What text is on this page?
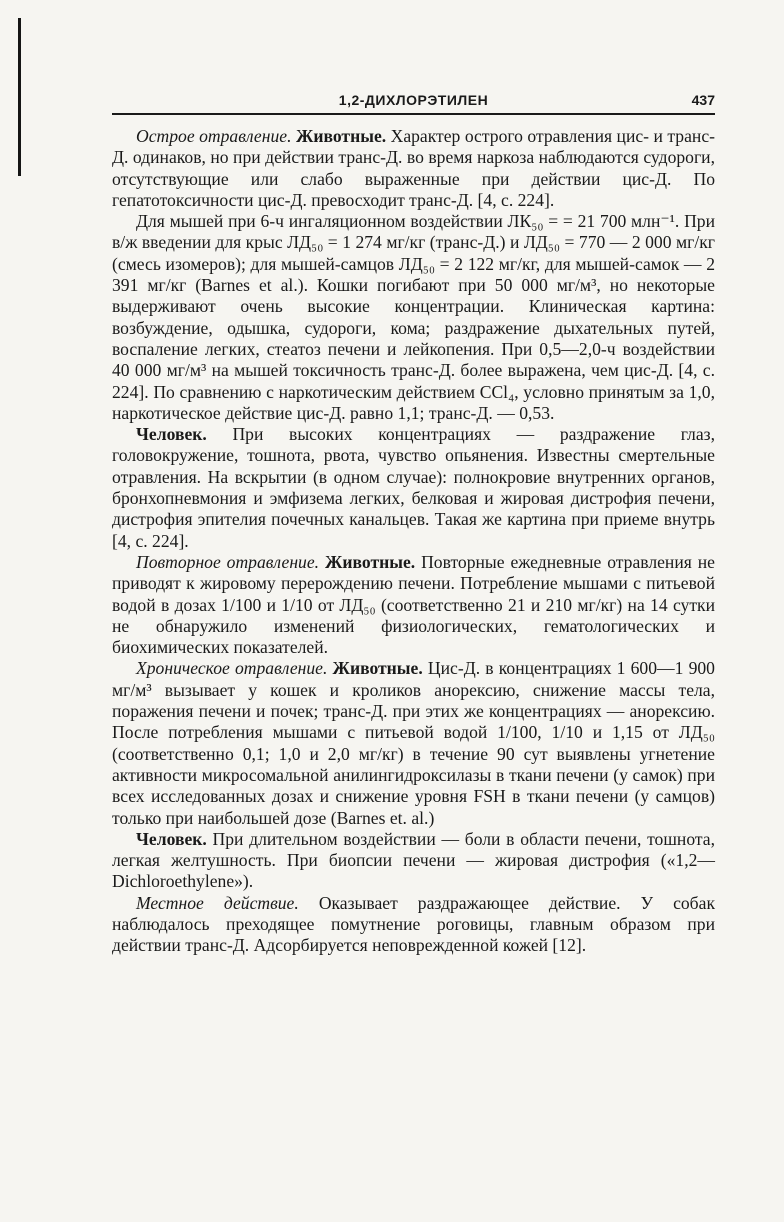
1,2-ДИХЛОРЭТИЛЕН	437

Острое отравление. Животные. Характер острого отравления цис- и транс-Д. одинаков, но при действии транс-Д. во время наркоза наблюдаются судороги, отсутствующие или слабо выраженные при действии цис-Д. По гепатотоксичности цис-Д. превосходит транс-Д. [4, с. 224].

Для мышей при 6-ч ингаляционном воздействии ЛК₅₀ = = 21 700 млн⁻¹. При в/ж введении для крыс ЛД₅₀ = 1 274 мг/кг (транс-Д.) и ЛД₅₀ = 770 — 2 000 мг/кг (смесь изомеров); для мышей-самцов ЛД₅₀ = 2 122 мг/кг, для мышей-самок — 2 391 мг/кг (Barnes et al.). Кошки погибают при 50 000 мг/м³, но некоторые выдерживают очень высокие концентрации. Клиническая картина: возбуждение, одышка, судороги, кома; раздражение дыхательных путей, воспаление легких, стеатоз печени и лейкопения. При 0,5—2,0-ч воздействии 40 000 мг/м³ на мышей токсичность транс-Д. более выражена, чем цис-Д. [4, с. 224]. По сравнению с наркотическим действием CCl₄, условно принятым за 1,0, наркотическое действие цис-Д. равно 1,1; транс-Д. — 0,53.

Человек. При высоких концентрациях — раздражение глаз, головокружение, тошнота, рвота, чувство опьянения. Известны смертельные отравления. На вскрытии (в одном случае): полнокровие внутренних органов, бронхопневмония и эмфизема легких, белковая и жировая дистрофия печени, дистрофия эпителия почечных канальцев. Такая же картина при приеме внутрь [4, с. 224].

Повторное отравление. Животные. Повторные ежедневные отравления не приводят к жировому перерождению печени. Потребление мышами с питьевой водой в дозах 1/100 и 1/10 от ЛД₅₀ (соответственно 21 и 210 мг/кг) на 14 сутки не обнаружило изменений физиологических, гематологических и биохимических показателей.

Хроническое отравление. Животные. Цис-Д. в концентрациях 1 600—1 900 мг/м³ вызывает у кошек и кроликов анорексию, снижение массы тела, поражения печени и почек; транс-Д. при этих же концентрациях — анорексию. После потребления мышами с питьевой водой 1/100, 1/10 и 1,15 от ЛД₅₀ (соответственно 0,1; 1,0 и 2,0 мг/кг) в течение 90 сут выявлены угнетение активности микросомальной анилингидроксилазы в ткани печени (у самок) при всех исследованных дозах и снижение уровня FSH в ткани печени (у самцов) только при наибольшей дозе (Barnes et. al.)

Человек. При длительном воздействии — боли в области печени, тошнота, легкая желтушность. При биопсии печени — жировая дистрофия («1,2—Dichloroethylene»).

Местное действие. Оказывает раздражающее действие. У собак наблюдалось преходящее помутнение роговицы, главным образом при действии транс-Д. Адсорбируется неповрежденной кожей [12].
